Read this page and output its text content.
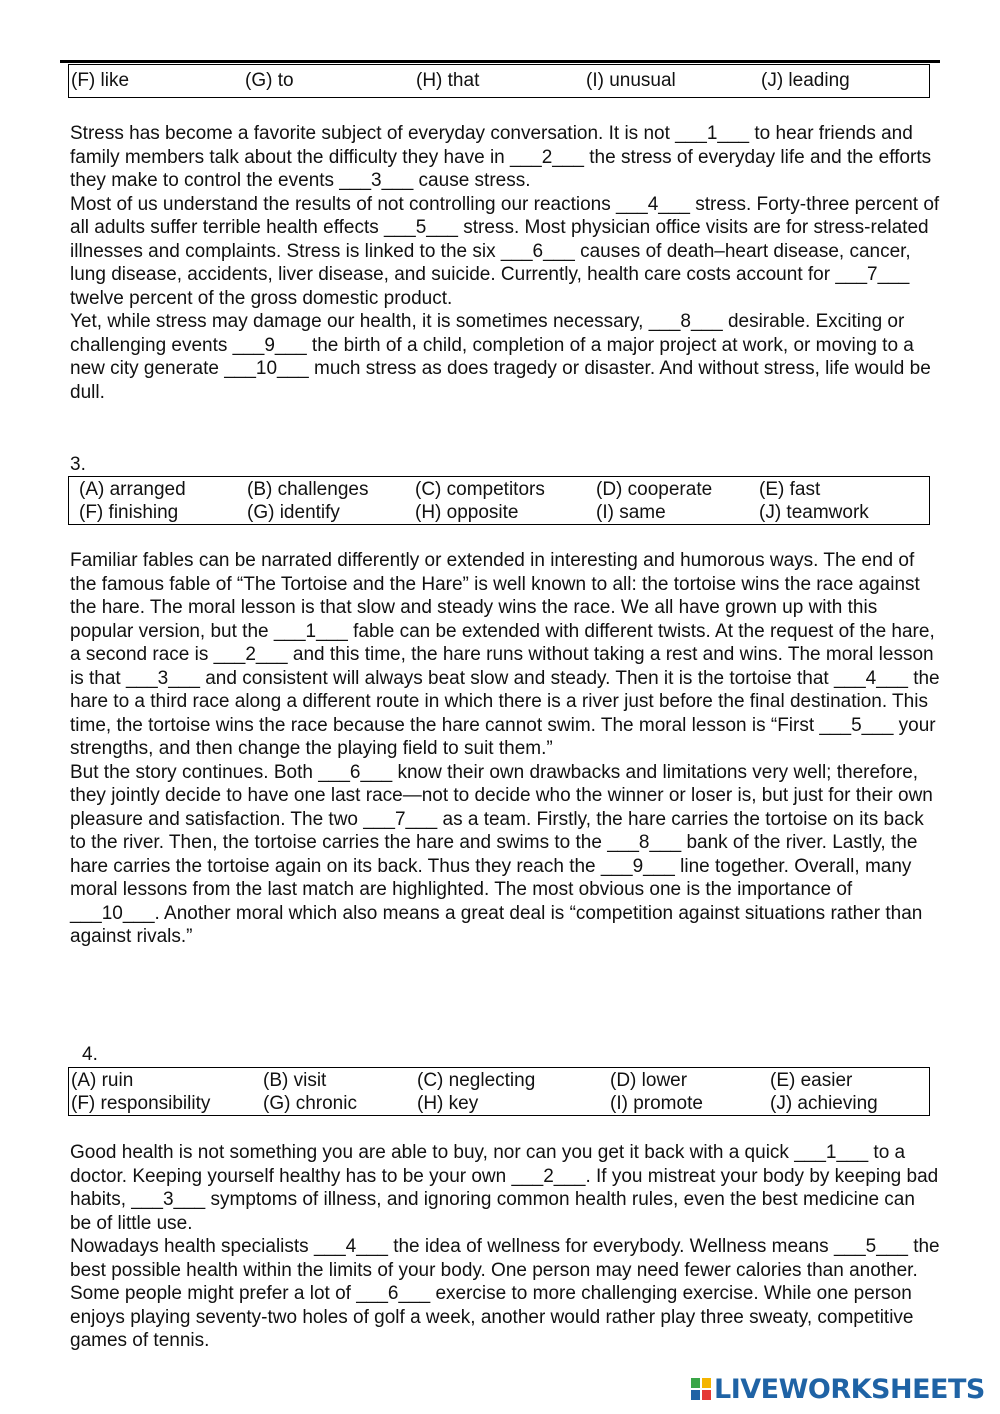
(F) like	(G) to	(H) that	(I) unusual	(J) leading

Stress has become a favorite subject of everyday conversation. It is not ___1___ to hear friends and family members talk about the difficulty they have in ___2___ the stress of everyday life and the efforts they make to control the events ___3___ cause stress.

Most of us understand the results of not controlling our reactions ___4___ stress. Forty-three percent of all adults suffer terrible health effects ___5___ stress. Most physician office visits are for stress-related illnesses and complaints. Stress is linked to the six ___6___ causes of death–heart disease, cancer, lung disease, accidents, liver disease, and suicide. Currently, health care costs account for ___7___ twelve percent of the gross domestic product.

Yet, while stress may damage our health, it is sometimes necessary, ___8___ desirable. Exciting or challenging events ___9___ the birth of a child, completion of a major project at work, or moving to a new city generate ___10___ much stress as does tragedy or disaster. And without stress, life would be dull.

3.
(A) arranged	(B) challenges (C) competitors	(D) cooperate (E) fast
(F) finishing	(G) identify	(H) opposite	(I) same	(J) teamwork

Familiar fables can be narrated differently or extended in interesting and humorous ways. The end of the famous fable of “The Tortoise and the Hare” is well known to all: the tortoise wins the race against the hare. The moral lesson is that slow and steady wins the race. We all have grown up with this popular version, but the ___1___ fable can be extended with different twists. At the request of the hare, a second race is ___2___ and this time, the hare runs without taking a rest and wins. The moral lesson is that ___3___ and consistent will always beat slow and steady. Then it is the tortoise that ___4___ the hare to a third race along a different route in which there is a river just before the final destination. This time, the tortoise wins the race because the hare cannot swim. The moral lesson is “First ___5___ your strengths, and then change the playing field to suit them.”

But the story continues. Both ___6___ know their own drawbacks and limitations very well; therefore, they jointly decide to have one last race—not to decide who the winner or loser is, but just for their own pleasure and satisfaction. The two ___7___ as a team. Firstly, the hare carries the tortoise on its back to the river. Then, the tortoise carries the hare and swims to the ___8___ bank of the river. Lastly, the hare carries the tortoise again on its back. Thus they reach the ___9___ line together. Overall, many moral lessons from the last match are highlighted. The most obvious one is the importance of ___10___. Another moral which also means a great deal is “competition against situations rather than against rivals.”

4.
(A) ruin	(B) visit	(C) neglecting	(D) lower	(E) easier
(F) responsibility	(G) chronic	(H) key	(I) promote	(J) achieving

Good health is not something you are able to buy, nor can you get it back with a quick ___1___ to a doctor. Keeping yourself healthy has to be your own ___2___. If you mistreat your body by keeping bad habits, ___3___ symptoms of illness, and ignoring common health rules, even the best medicine can be of little use.

Nowadays health specialists ___4___ the idea of wellness for everybody. Wellness means ___5___ the best possible health within the limits of your body. One person may need fewer calories than another. Some people might prefer a lot of ___6___ exercise to more challenging exercise. While one person enjoys playing seventy-two holes of golf a week, another would rather play three sweaty, competitive games of tennis.

LIVEWORKSHEETS
